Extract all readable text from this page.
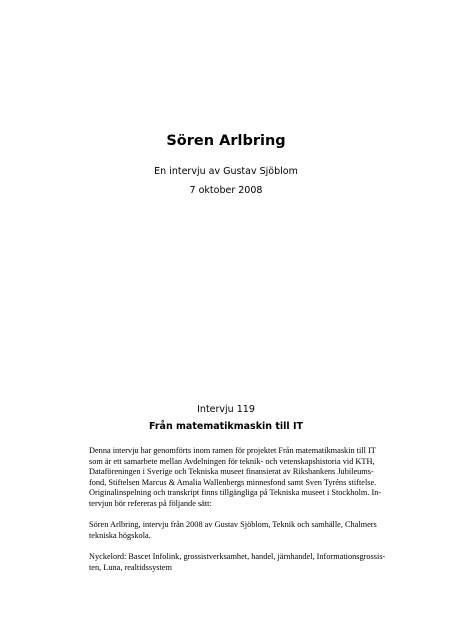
Sören Arlbring
En intervju av Gustav Sjöblom
7 oktober 2008
Intervju 119
Från matematikmaskin till IT
Denna intervju har genomförts inom ramen för projektet Från matematikmaskin till IT
som är ett samarbete mellan Avdelningen för teknik- och vetenskapshistoria vid KTH,
Dataföreningen i Sverige och Tekniska museet finansierat av Riksbankens Jubileums-
fond, Stiftelsen Marcus & Amalia Wallenbergs minnesfond samt Sven Tyréns stiftelse.
Originalinspelning och transkript finns tillgängliga på Tekniska museet i Stockholm. In-
tervjun bör refereras på följande sätt:
Sören Arlbring, intervju från 2008 av Gustav Sjöblom, Teknik och samhälle, Chalmers
tekniska högskola.
Nyckelord: Bascet Infolink, grossistverksamhet, handel, järnhandel, Informationsgrossis-
ten, Luna, realtidssystem
